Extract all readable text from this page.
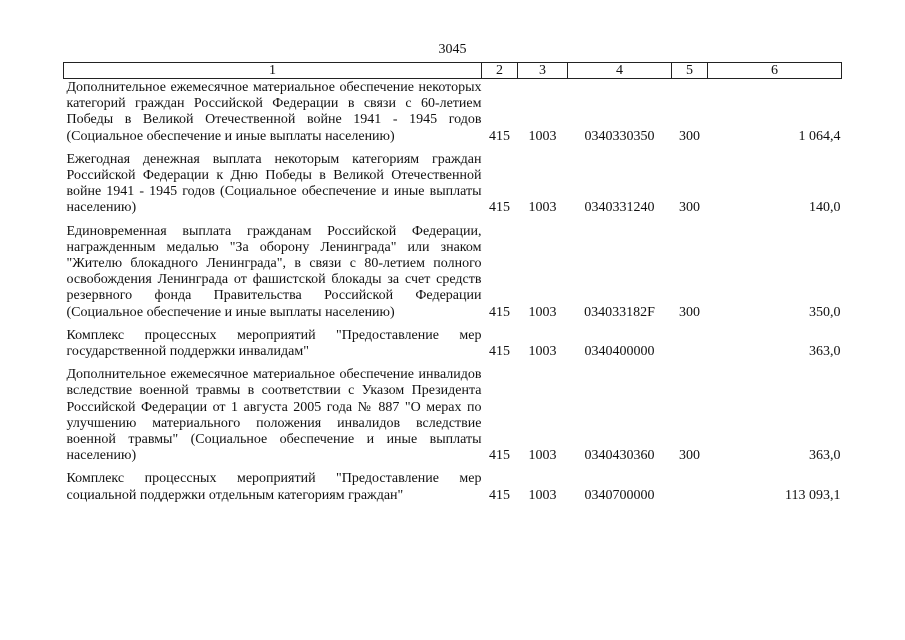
3045
1	2	3	4	5	6
Дополнительное ежемесячное материальное обеспечение некоторых категорий граждан Российской Федерации в связи с 60-летием Победы в Великой Отечественной войне 1941 - 1945 годов (Социальное обеспечение и иные выплаты населению)	415	1003	0340330350	300	1 064,4
Ежегодная денежная выплата некоторым категориям граждан Российской Федерации к Дню Победы в Великой Отечественной войне 1941 - 1945 годов (Социальное обеспечение и иные выплаты населению)	415	1003	0340331240	300	140,0
Единовременная выплата гражданам Российской Федерации, награжденным медалью "За оборону Ленинграда" или знаком "Жителю блокадного Ленинграда", в связи с 80-летием полного освобождения Ленинграда от фашистской блокады за счет средств резервного фонда Правительства Российской Федерации (Социальное обеспечение и иные выплаты населению)	415	1003	034033182F	300	350,0
Комплекс процессных мероприятий "Предоставление мер государственной поддержки инвалидам"	415	1003	0340400000		363,0
Дополнительное ежемесячное материальное обеспечение инвалидов вследствие военной травмы в соответствии с Указом Президента Российской Федерации от 1 августа 2005 года № 887 "О мерах по улучшению материального положения инвалидов вследствие военной травмы" (Социальное обеспечение и иные выплаты населению)	415	1003	0340430360	300	363,0
Комплекс процессных мероприятий "Предоставление мер социальной поддержки отдельным категориям граждан"	415	1003	0340700000		113 093,1
